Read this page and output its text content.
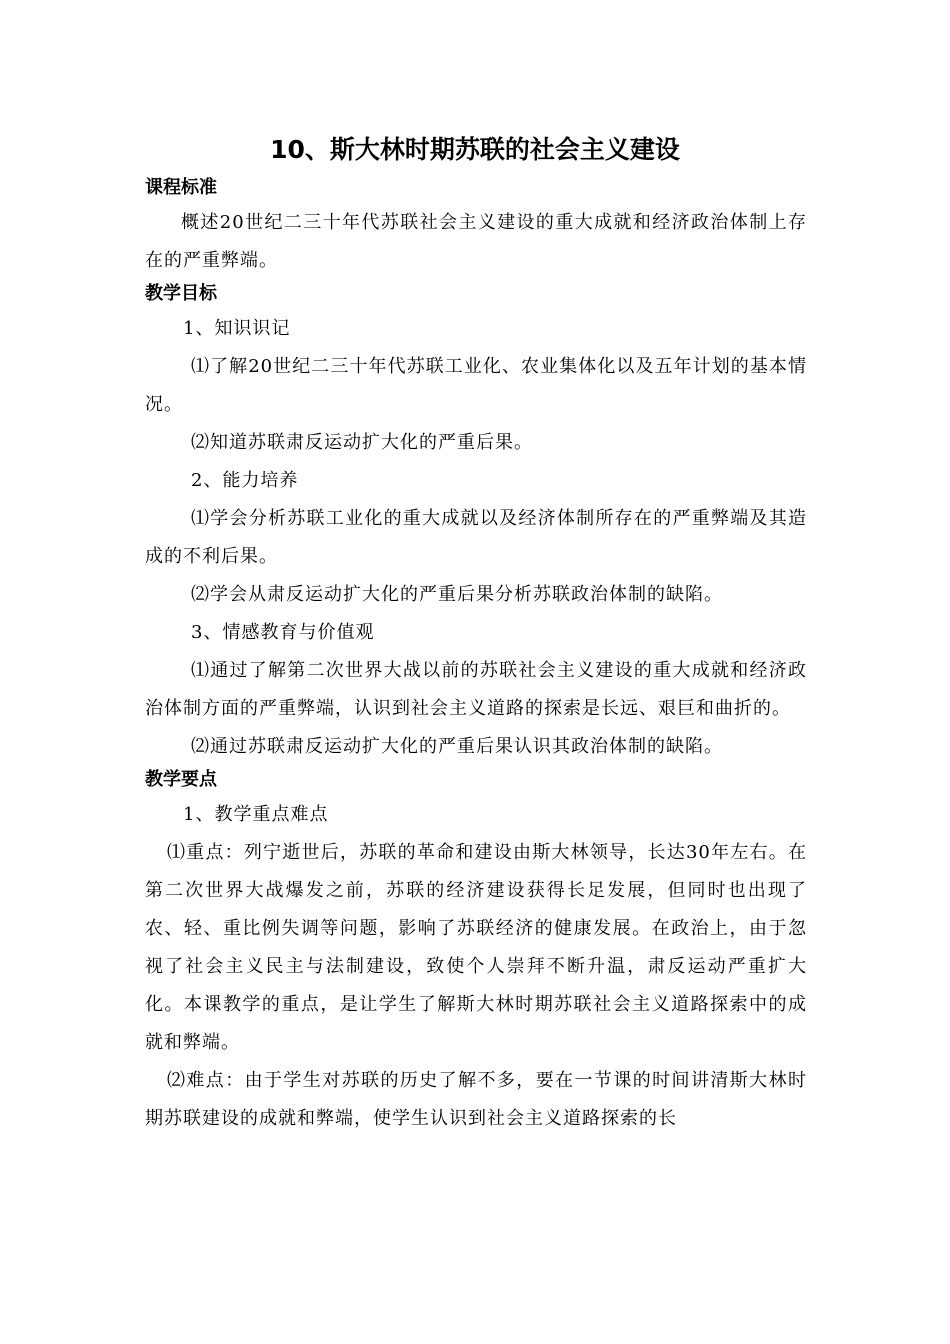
10、斯大林时期苏联的社会主义建设
课程标准

概述20世纪二三十年代苏联社会主义建设的重大成就和经济政治体制上存在的严重弊端。

教学目标

1、知识识记

⑴了解20世纪二三十年代苏联工业化、农业集体化以及五年计划的基本情况。

⑵知道苏联肃反运动扩大化的严重后果。

2、能力培养

⑴学会分析苏联工业化的重大成就以及经济体制所存在的严重弊端及其造成的不利后果。

⑵学会从肃反运动扩大化的严重后果分析苏联政治体制的缺陷。

3、情感教育与价值观

⑴通过了解第二次世界大战以前的苏联社会主义建设的重大成就和经济政治体制方面的严重弊端，认识到社会主义道路的探索是长远、艰巨和曲折的。

⑵通过苏联肃反运动扩大化的严重后果认识其政治体制的缺陷。

教学要点

1、教学重点难点

⑴重点：列宁逝世后，苏联的革命和建设由斯大林领导，长达30年左右。在第二次世界大战爆发之前，苏联的经济建设获得长足发展，但同时也出现了农、轻、重比例失调等问题，影响了苏联经济的健康发展。在政治上，由于忽视了社会主义民主与法制建设，致使个人崇拜不断升温，肃反运动严重扩大化。本课教学的重点，是让学生了解斯大林时期苏联社会主义道路探索中的成就和弊端。

⑵难点：由于学生对苏联的历史了解不多，要在一节课的时间讲清斯大林时期苏联建设的成就和弊端，使学生认识到社会主义道路探索的长
